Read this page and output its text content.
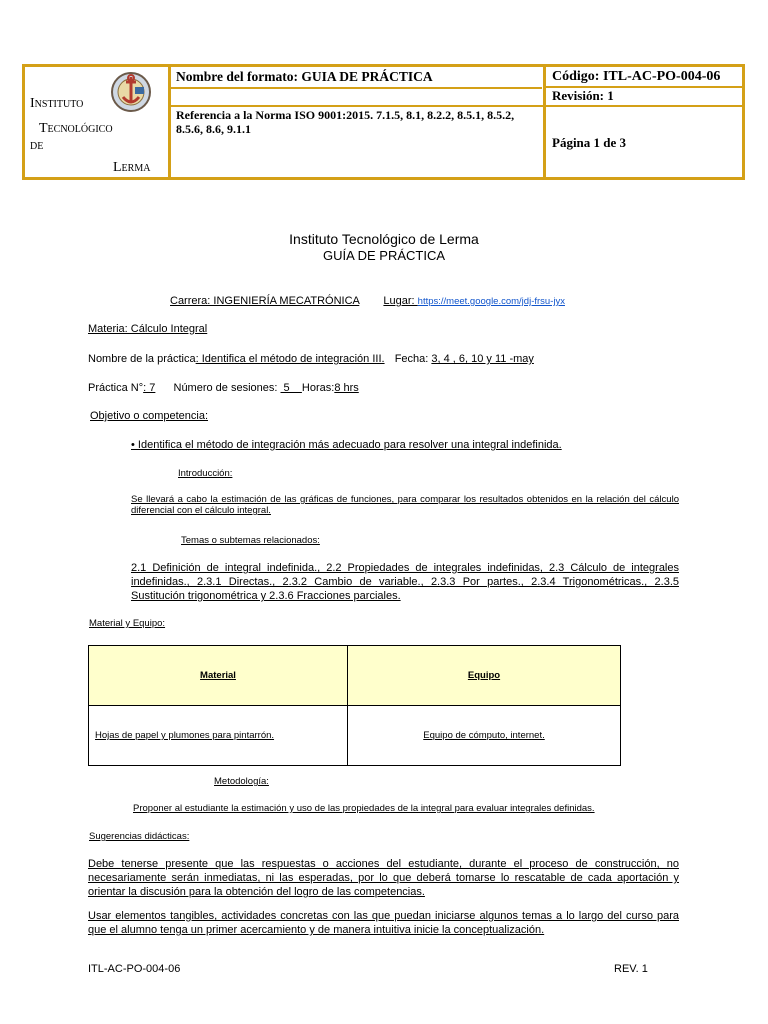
Instituto
Tecnológico
de
Lerma
Nombre del formato: GUIA DE PRÁCTICA
Referencia a la Norma ISO 9001:2015. 7.1.5, 8.1, 8.2.2, 8.5.1, 8.5.2, 8.5.6, 8.6, 9.1.1
Código: ITL-AC-PO-004-06
Revisión: 1
Página 1 de 3
Instituto Tecnológico de Lerma
GUÍA DE PRÁCTICA
Carrera: INGENIERÍA MECATRÓNICA Lugar: https://meet.google.com/jdj-frsu-jyx
Materia: Cálculo Integral
Nombre de la práctica: Identifica el método de integración III. Fecha: 3, 4 , 6, 10 y 11 -may
Práctica N°: 7 Número de sesiones:  5    Horas:8 hrs
Objetivo o competencia:
• Identifica el método de integración más adecuado para resolver una integral indefinida.
Introducción:
Se llevará a cabo la estimación de las gráficas de funciones, para comparar los resultados obtenidos en la relación del cálculo diferencial con el cálculo integral.
Temas o subtemas relacionados:
2.1 Definición de integral indefinida., 2.2 Propiedades de integrales indefinidas, 2.3 Cálculo de integrales indefinidas., 2.3.1 Directas., 2.3.2 Cambio de variable., 2.3.3 Por partes., 2.3.4 Trigonométricas., 2.3.5 Sustitución trigonométrica y 2.3.6 Fracciones parciales.
Material y Equipo:
Material	Equipo
Hojas de papel y plumones para pintarrón.	Equipo de cómputo, internet.
Metodología:
Proponer al estudiante la estimación y uso de las propiedades de la integral para evaluar integrales definidas.
Sugerencias didácticas:
Debe tenerse presente que las respuestas o acciones del estudiante, durante el proceso de construcción, no necesariamente serán inmediatas, ni las esperadas, por lo que deberá tomarse lo rescatable de cada aportación y orientar la discusión para la obtención del logro de las competencias.
Usar elementos tangibles, actividades concretas con las que puedan iniciarse algunos temas a lo largo del curso para que el alumno tenga un primer acercamiento y de manera intuitiva inicie la conceptualización.
ITL-AC-PO-004-06	REV. 1
